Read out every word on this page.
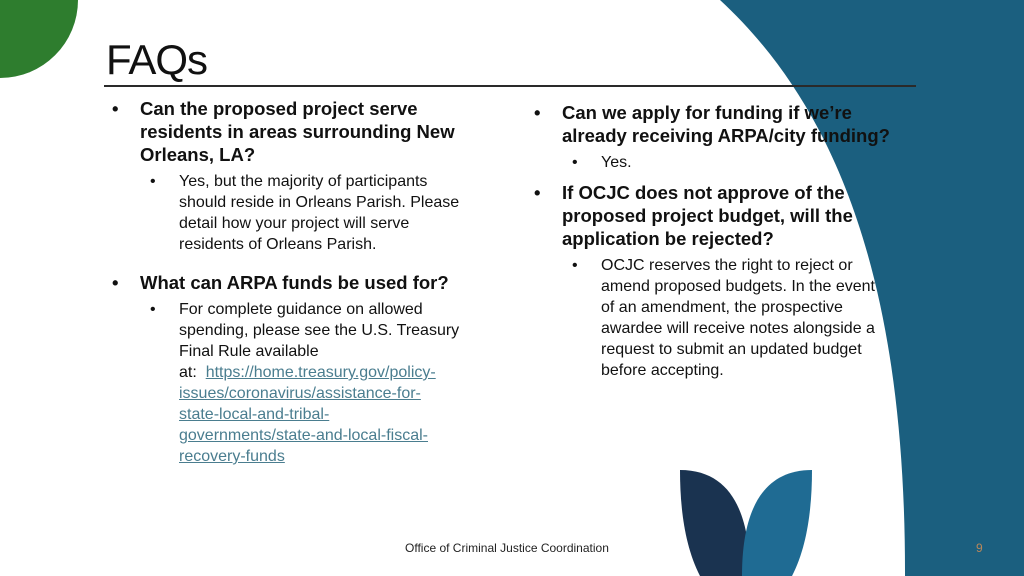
FAQs
• Can the proposed project serve
residents in areas surrounding New
Orleans, LA?
• Yes, but the majority of participants
should reside in Orleans Parish. Please
detail how your project will serve
residents of Orleans Parish.
• What can ARPA funds be used for?
• For complete guidance on allowed
spending, please see the U.S. Treasury
Final Rule available
at:  https://home.treasury.gov/policy-
issues/coronavirus/assistance-for-
state-local-and-tribal-
governments/state-and-local-fiscal-
recovery-funds
• Can we apply for funding if we’re
already receiving ARPA/city funding?
• Yes.
• If OCJC does not approve of the
proposed project budget, will the
application be rejected?
• OCJC reserves the right to reject or
amend proposed budgets. In the event
of an amendment, the prospective
awardee will receive notes alongside a
request to submit an updated budget
before accepting.
Office of Criminal Justice Coordination	9
